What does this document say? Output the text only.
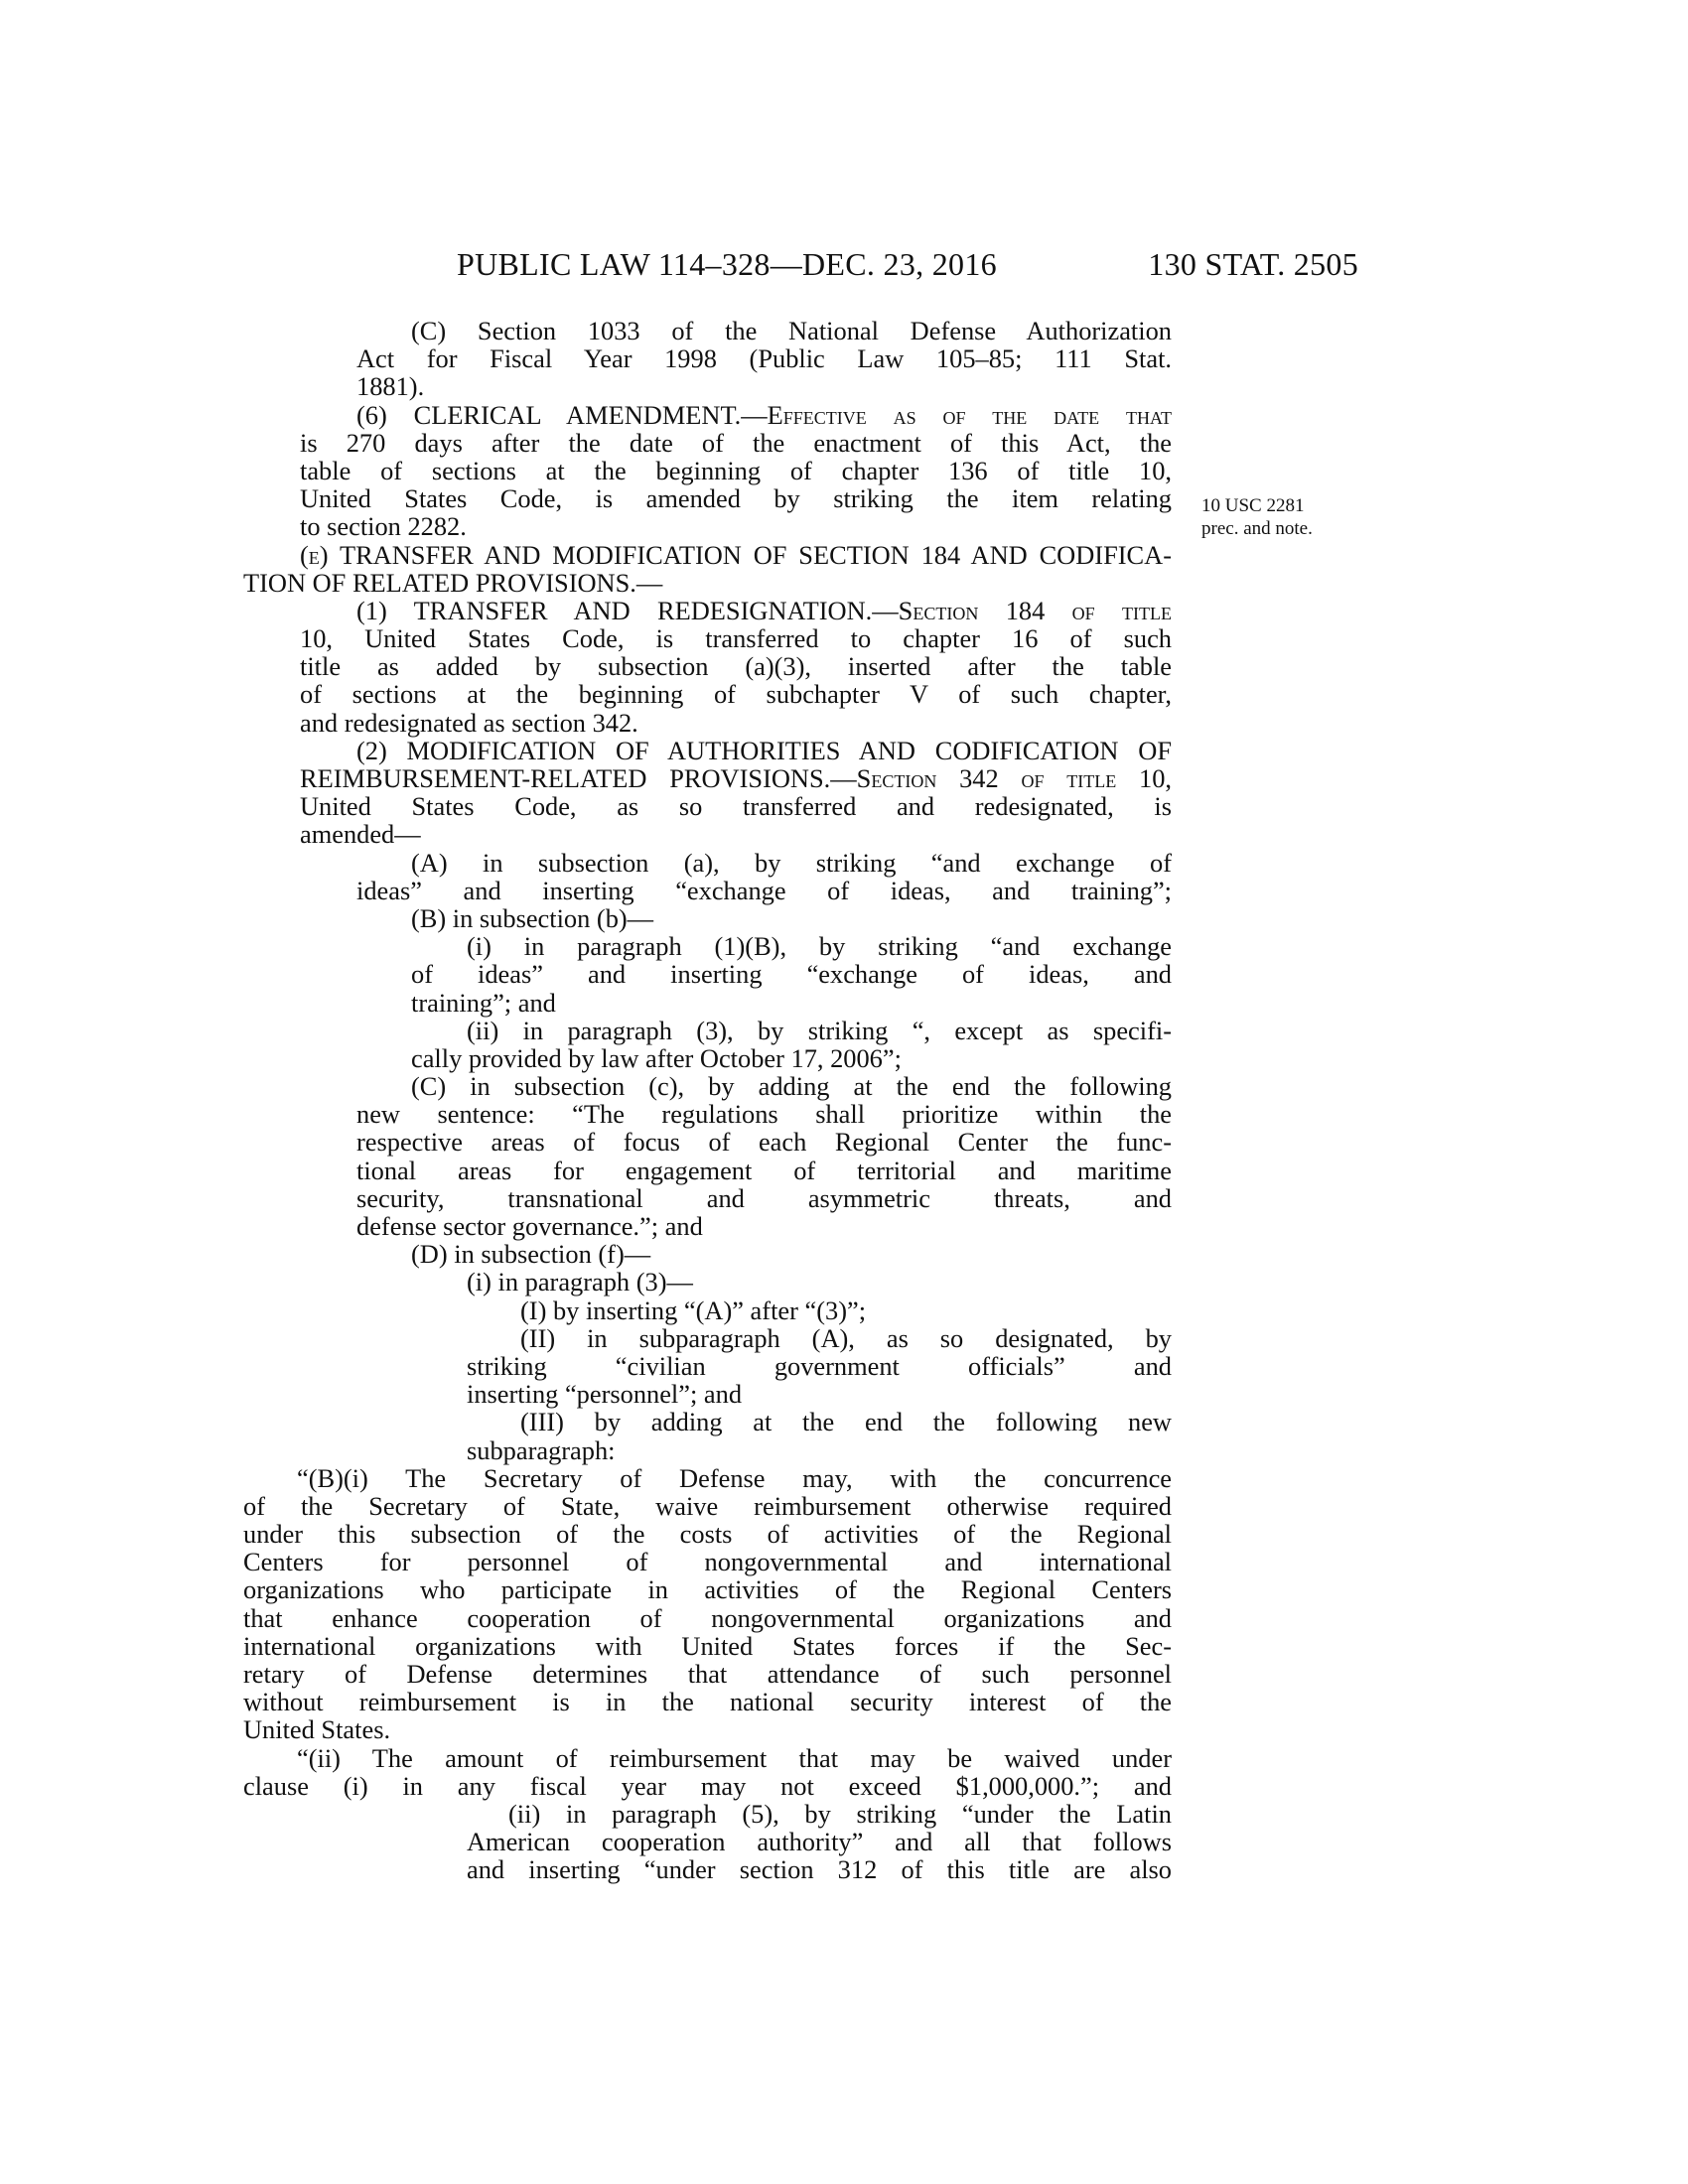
PUBLIC LAW 114–328—DEC. 23, 2016	130 STAT. 2505
10 USC 2281
prec. and note.
(C) Section 1033 of the National Defense Authorization
Act for Fiscal Year 1998 (Public Law 105–85; 111 Stat.
1881).
(6) CLERICAL AMENDMENT.—Effective as of the date that
is 270 days after the date of the enactment of this Act, the
table of sections at the beginning of chapter 136 of title 10,
United States Code, is amended by striking the item relating
to section 2282.
(e) TRANSFER AND MODIFICATION OF SECTION 184 AND CODIFICA-
TION OF RELATED PROVISIONS.—
(1) TRANSFER AND REDESIGNATION.—Section 184 of title
10, United States Code, is transferred to chapter 16 of such
title as added by subsection (a)(3), inserted after the table
of sections at the beginning of subchapter V of such chapter,
and redesignated as section 342.
(2) MODIFICATION OF AUTHORITIES AND CODIFICATION OF
REIMBURSEMENT-RELATED PROVISIONS.—Section 342 of title 10,
United States Code, as so transferred and redesignated, is
amended—
(A) in subsection (a), by striking “and exchange of
ideas” and inserting “exchange of ideas, and training”;
(B) in subsection (b)—
(i) in paragraph (1)(B), by striking “and exchange
of ideas” and inserting “exchange of ideas, and
training”; and
(ii) in paragraph (3), by striking “, except as specifi-
cally provided by law after October 17, 2006”;
(C) in subsection (c), by adding at the end the following
new sentence: “The regulations shall prioritize within the
respective areas of focus of each Regional Center the func-
tional areas for engagement of territorial and maritime
security, transnational and asymmetric threats, and
defense sector governance.”; and
(D) in subsection (f)—
(i) in paragraph (3)—
(I) by inserting “(A)” after “(3)”;
(II) in subparagraph (A), as so designated, by
striking “civilian government officials” and
inserting “personnel”; and
(III) by adding at the end the following new
subparagraph:
“(B)(i) The Secretary of Defense may, with the concurrence
of the Secretary of State, waive reimbursement otherwise required
under this subsection of the costs of activities of the Regional
Centers for personnel of nongovernmental and international
organizations who participate in activities of the Regional Centers
that enhance cooperation of nongovernmental organizations and
international organizations with United States forces if the Sec-
retary of Defense determines that attendance of such personnel
without reimbursement is in the national security interest of the
United States.
“(ii) The amount of reimbursement that may be waived under
clause (i) in any fiscal year may not exceed $1,000,000.”; and
(ii) in paragraph (5), by striking “under the Latin
American cooperation authority” and all that follows
and inserting “under section 312 of this title are also
